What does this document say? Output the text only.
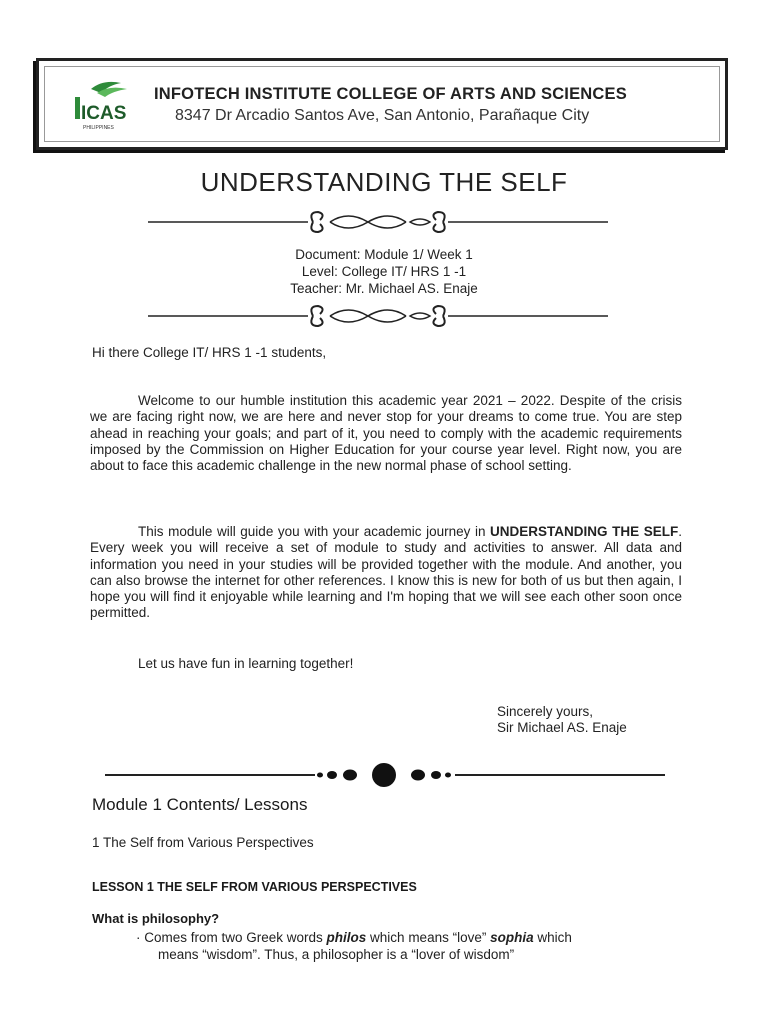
ICAS
PHILIPPINES
INFOTECH INSTITUTE COLLEGE OF ARTS AND SCIENCES
8347 Dr Arcadio Santos Ave, San Antonio, Parañaque City
UNDERSTANDING THE SELF
Document: Module 1/ Week 1
Level: College IT/ HRS 1 -1
Teacher: Mr. Michael AS. Enaje
Hi there College IT/ HRS 1 -1 students,
Welcome to our humble institution this academic year 2021 – 2022. Despite of the crisis we are facing right now, we are here and never stop for your dreams to come true. You are step ahead in reaching your goals; and part of it, you need to comply with the academic requirements imposed by the Commission on Higher Education for your course year level. Right now, you are about to face this academic challenge in the new normal phase of school setting.
This module will guide you with your academic journey in UNDERSTANDING THE SELF. Every week you will receive a set of module to study and activities to answer. All data and information you need in your studies will be provided together with the module. And another, you can also browse the internet for other references. I know this is new for both of us but then again, I hope you will find it enjoyable while learning and I'm hoping that we will see each other soon once permitted.
Let us have fun in learning together!
Sincerely yours,
Sir Michael AS. Enaje
Module 1 Contents/ Lessons
1 The Self from Various Perspectives
LESSON 1 THE SELF FROM VARIOUS PERSPECTIVES
What is philosophy?
· Comes from two Greek words philos which means “love” sophia which
means “wisdom”. Thus, a philosopher is a “lover of wisdom”
